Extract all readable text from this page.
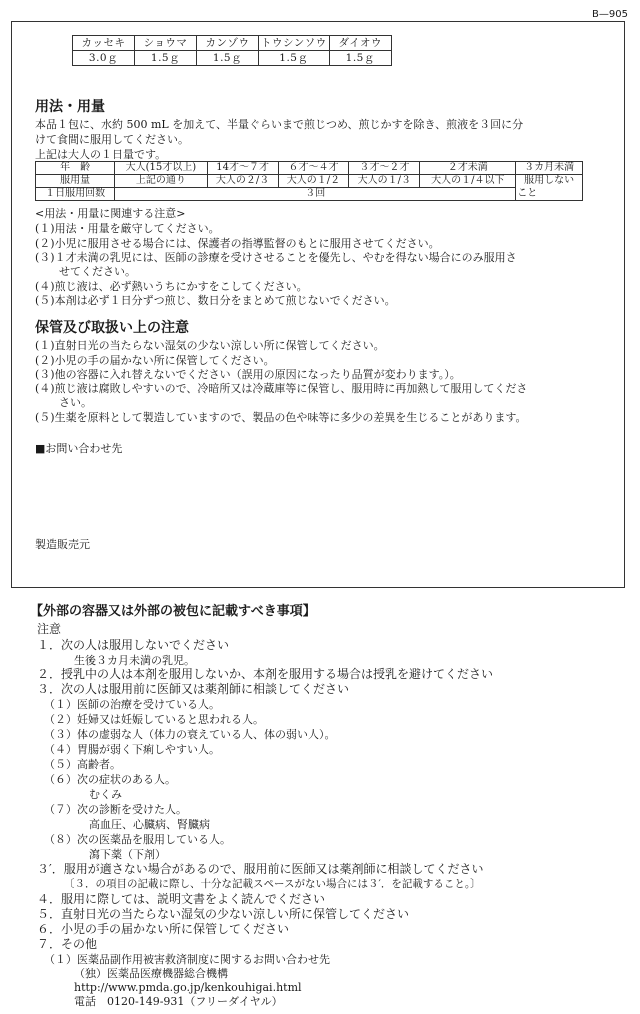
B—905
カッセキ	ショウマ	カンゾウ	トウシンソウ	ダイオウ
3.0ｇ	1.5ｇ	1.5ｇ	1.5ｇ	1.5ｇ
用法・用量
本品１包に、水約 500 mL を加えて、半量ぐらいまで煎じつめ、煎じかすを除き、煎液を３回に分
けて食間に服用してください。
上記は大人の１日量です。
年　齢	大人(15才以上)	14才〜７才	６才〜４才	３才〜２才	２才未満	３カ月未満
服用量	上記の通り	大人の２/３	大人の１/２	大人の１/３	大人の１/４以下	服用しない
１日服用回数	３回					こと
<用法・用量に関連する注意>
(１)用法・用量を厳守してください。
(２)小児に服用させる場合には、保護者の指導監督のもとに服用させてください。
(３)１才未満の乳児には、医師の診療を受けさせることを優先し、やむを得ない場合にのみ服用さ
せてください。
(４)煎じ液は、必ず熱いうちにかすをこしてください。
(５)本剤は必ず１日分ずつ煎じ、数日分をまとめて煎じないでください。
保管及び取扱い上の注意
(１)直射日光の当たらない湿気の少ない涼しい所に保管してください。
(２)小児の手の届かない所に保管してください。
(３)他の容器に入れ替えないでください（誤用の原因になったり品質が変わります。）。
(４)煎じ液は腐敗しやすいので、冷暗所又は冷蔵庫等に保管し、服用時に再加熱して服用してくださ
さい。
(５)生薬を原料として製造していますので、製品の色や味等に多少の差異を生じることがあります。
■お問い合わせ先
製造販売元
【外部の容器又は外部の被包に記載すべき事項】
注意
１．次の人は服用しないでください
生後３カ月未満の乳児。
２．授乳中の人は本剤を服用しないか、本剤を服用する場合は授乳を避けてください
３．次の人は服用前に医師又は薬剤師に相談してください
（１）医師の治療を受けている人。
（２）妊婦又は妊娠していると思われる人。
（３）体の虚弱な人（体力の衰えている人、体の弱い人）。
（４）胃腸が弱く下痢しやすい人。
（５）高齢者。
（６）次の症状のある人。
むくみ
（７）次の診断を受けた人。
高血圧、心臓病、腎臓病
（８）次の医薬品を服用している人。
瀉下薬（下剤）
３′．服用が適さない場合があるので、服用前に医師又は薬剤師に相談してください
〔３．の項目の記載に際し、十分な記載スペースがない場合には３′．を記載すること。〕
４．服用に際しては、説明文書をよく読んでください
５．直射日光の当たらない湿気の少ない涼しい所に保管してください
６．小児の手の届かない所に保管してください
７．その他
（１）医薬品副作用被害救済制度に関するお問い合わせ先
（独）医薬品医療機器総合機構
http://www.pmda.go.jp/kenkouhigai.html
電話　0120-149-931（フリーダイヤル）
